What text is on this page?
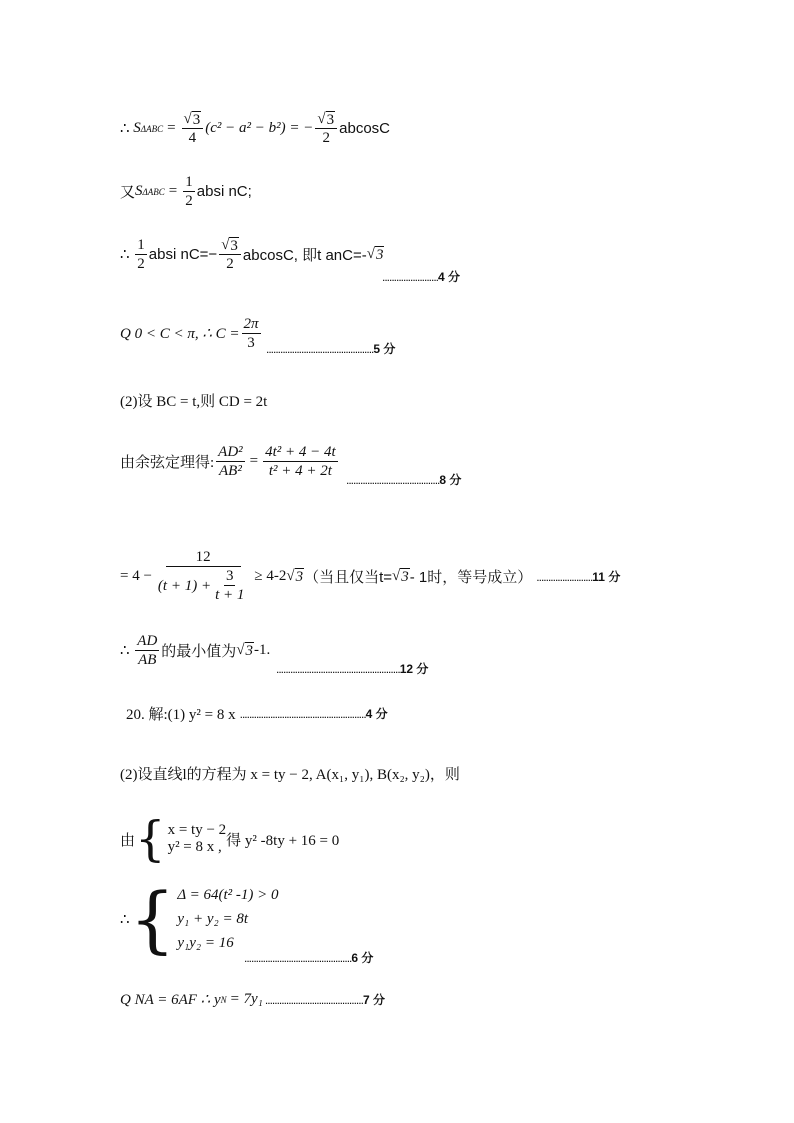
∴
S $\Delta ABC = \frac{√ 3}{4} (c^2 - a^2 - b^2)$ = − $\frac{√ 3}{2}$ abcosC
又 S $\Delta ABC = \frac{1}{2}$ absi nC;
∴
$\frac{1}{2}$ absi $nC=- \frac{√ 3}{2} abcosC$, 即t anC=- √ 3
........................4 分
Q 0 < C < π, ∴ $C = \frac{2\pi}{3} ..............................................5$ 分
(2)设 BC = t,则 CD = 2t
由余弦定理得: $\frac{\text{AD²}}{\text{AB²}} = \frac{\text{4t² + 4 − 4t}}{\text{t² + 4 + 2t}} ........................................8$ 分
= $4 - \frac{12}{(t + 1) + \frac{3}{t + 1}} \ge 4-2$ √ 3 （当且仅当t= √ 3 - 1时，等号成立） ........................11 分
∴
$\frac{AD}{AB}$ 的最小值为 √ 3 -1.
.....................................................12 分
20. 解:(1) y² = 8 x ......................................................4 分
(2)设直线l的方程为 x = ty − 2, A(x₁, y₁), B(x₂, y₂)，则
由 { x = ty − 2
y² = 8 x , 得 y² -8ty + 16 = 0
∴ { Δ = 64(t² -1) > 0
y₁ + y₂ = 8t
y₁y₂ = 16
..............................................6 分
Q NA = 6AF ∴ y N = 7y₁ ..........................................7 分
